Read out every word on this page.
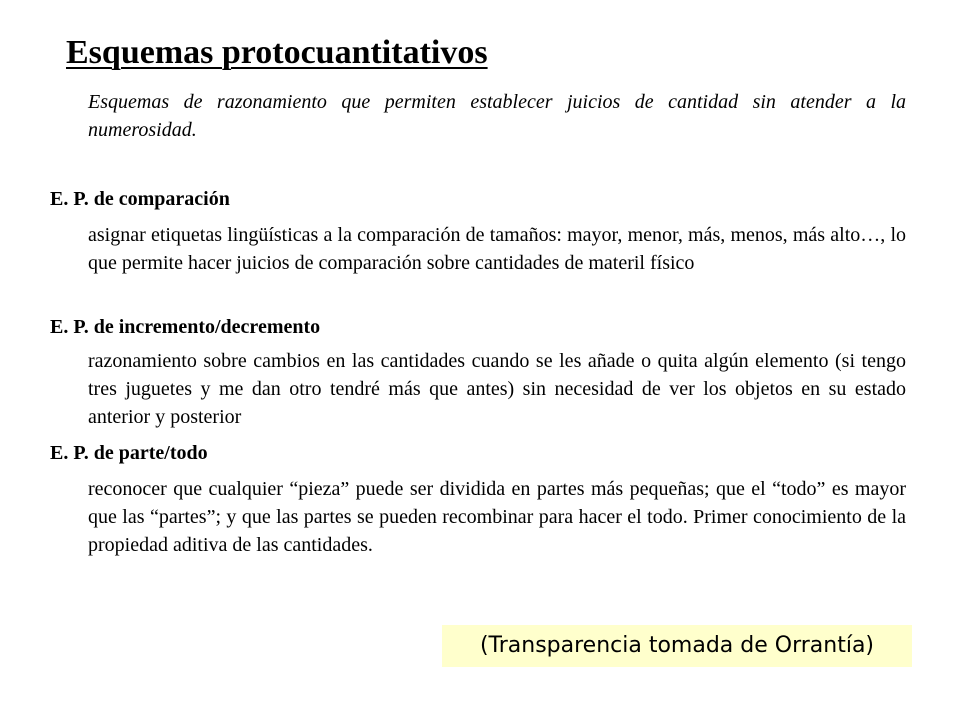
Esquemas protocuantitativos

Esquemas de razonamiento que permiten establecer juicios de cantidad sin atender a la numerosidad.

E. P. de comparación

asignar etiquetas lingüísticas a la comparación de tamaños: mayor, menor, más, menos, más alto…, lo que permite hacer juicios de comparación sobre cantidades de materil físico

E. P. de incremento/decremento

razonamiento sobre cambios en las cantidades cuando se les añade o quita algún elemento (si tengo tres juguetes y me dan otro tendré más que antes) sin necesidad de ver los objetos en su estado anterior y posterior

E. P. de parte/todo

reconocer que cualquier “pieza” puede ser dividida en partes más pequeñas; que el “todo” es mayor que las “partes”; y que las partes se pueden recombinar para hacer el todo. Primer conocimiento de la propiedad aditiva de las cantidades.

(Transparencia tomada de Orrantía)
